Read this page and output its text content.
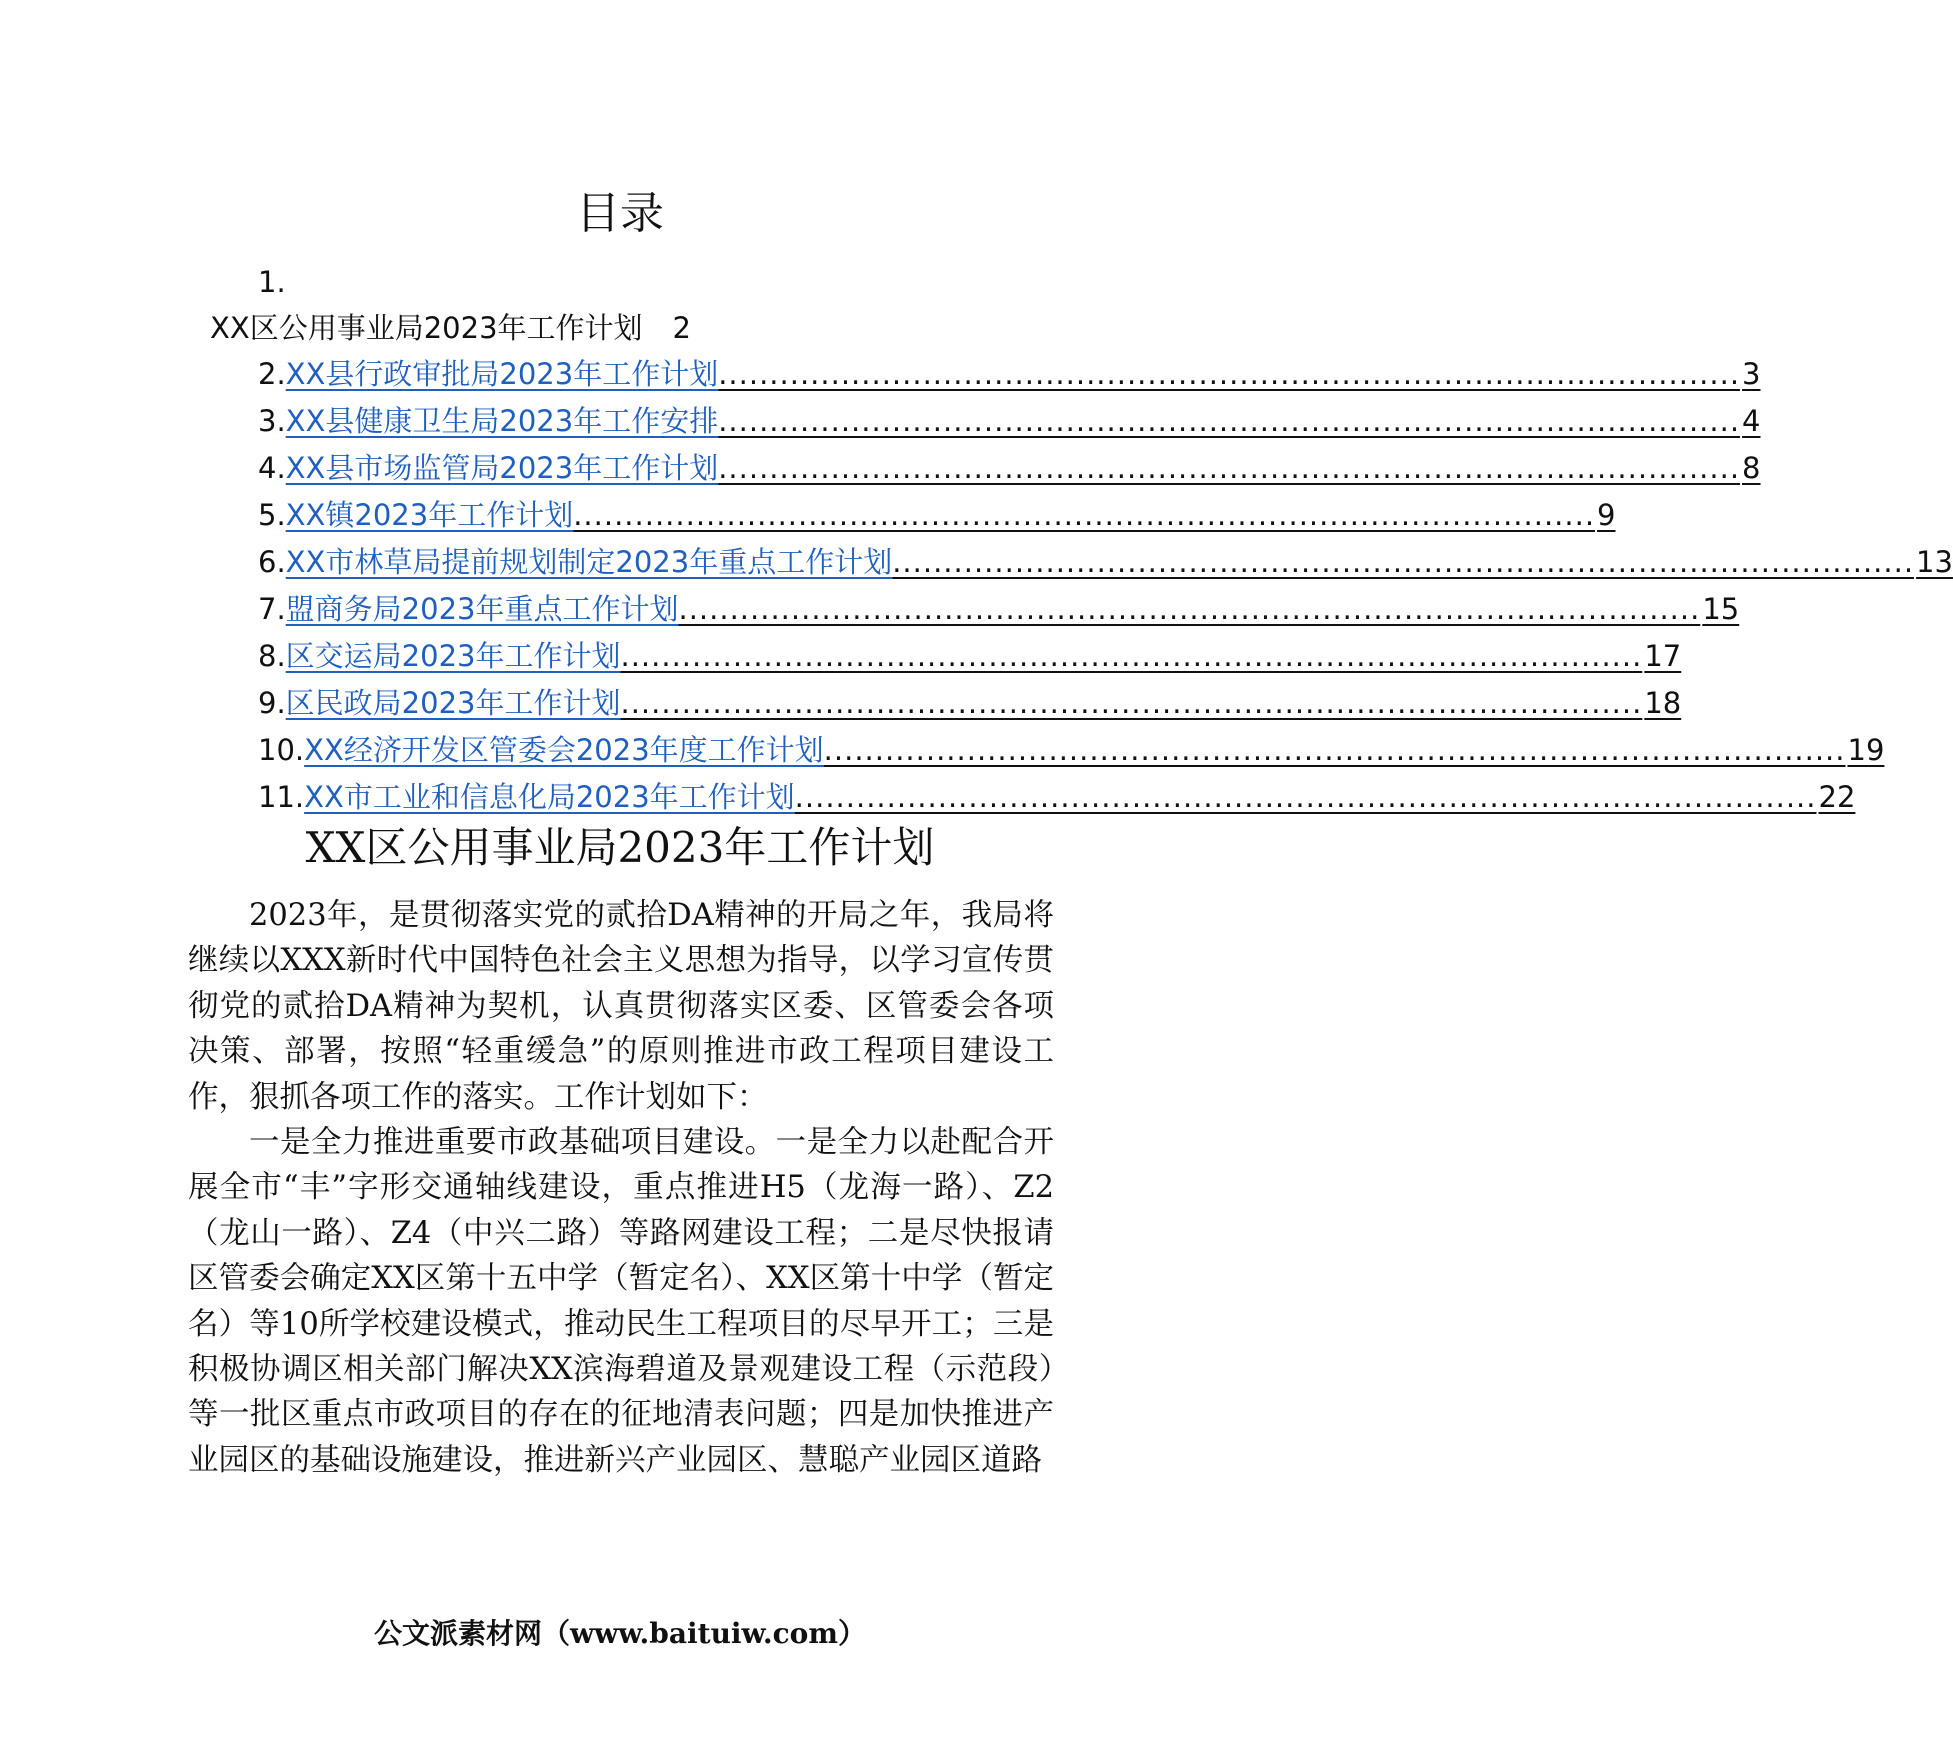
目录
1.
XX区公用事业局2023年工作计划 2
2. XX县行政审批局2023年工作计划 .................................................................................................... 3
3. XX县健康卫生局2023年工作安排 .................................................................................................... 4
4. XX县市场监管局2023年工作计划 .................................................................................................... 8
5. XX镇2023年工作计划 .................................................................................................... 9
6. XX市林草局提前规划制定2023年重点工作计划 .................................................................................................... 13
7. 盟商务局2023年重点工作计划 .................................................................................................... 15
8. 区交运局2023年工作计划 .................................................................................................... 17
9. 区民政局2023年工作计划 .................................................................................................... 18
10. XX经济开发区管委会2023年度工作计划 .................................................................................................... 19
11. XX市工业和信息化局2023年工作计划 .................................................................................................... 22
XX区公用事业局2023年工作计划

2023年，是贯彻落实党的贰拾DA精神的开局之年，我局将继续以XXX新时代中国特色社会主义思想为指导，以学习宣传贯彻党的贰拾DA精神为契机，认真贯彻落实区委、区管委会各项决策、部署，按照“轻重缓急”的原则推进市政工程项目建设工作，狠抓各项工作的落实。工作计划如下：

一是全力推进重要市政基础项目建设。一是全力以赴配合开展全市“丰”字形交通轴线建设，重点推进H5（龙海一路）、Z2（龙山一路）、Z4（中兴二路）等路网建设工程；二是尽快报请区管委会确定XX区第十五中学（暂定名）、XX区第十中学（暂定名）等10所学校建设模式，推动民生工程项目的尽早开工；三是积极协调区相关部门解决XX滨海碧道及景观建设工程（示范段）等一批区重点市政项目的存在的征地清表问题；四是加快推进产业园区的基础设施建设，推进新兴产业园区、慧聪产业园区道路

公文派素材网（www.baituiw.com）
